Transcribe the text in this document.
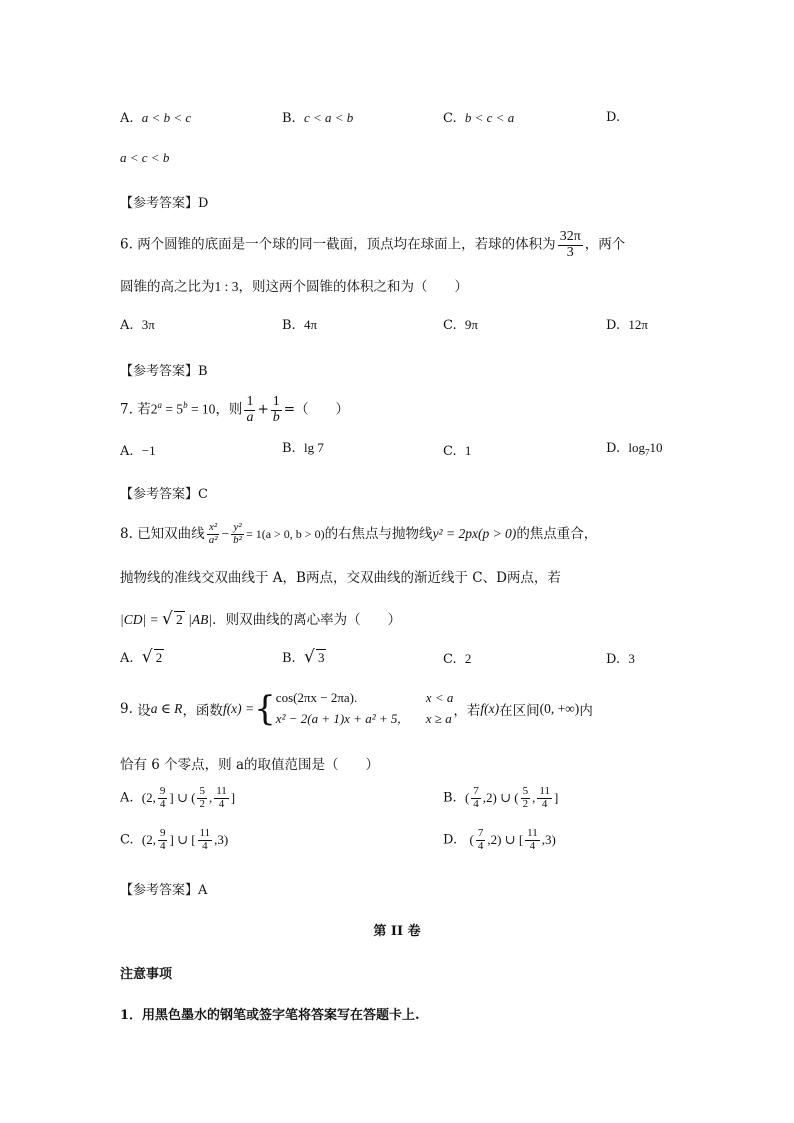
A. a < b < c	B. c < a < b	C. b < c < a	D.
a < c < b
【参考答案】D
6. 两个圆锥的底面是一个球的同一截面，顶点均在球面上，若球的体积为 $\frac{32\pi}{3}$ ，两个
圆锥的高之比为1 : 3，则这两个圆锥的体积之和为（　　）
A. 3π	B. 4π	C. 9π	D. 12π
【参考答案】B
7. 若$2^a = 5^b = 10$，则 $\frac{1}{a} + \frac{1}{b}$ =（　　）
A. −1	B. lg 7	C. 1	D. $\log_710$
【参考答案】C
8. 已知双曲线 $\frac{\text{x²}}{\text{a²}} - \frac{\text{y²}}{\text{b²}} = 1(a > 0$, b > 0)的右焦点与抛物线y² = 2px(p > 0)的焦点重合，
抛物线的准线交双曲线于 A，B两点，交双曲线的渐近线于 C、D两点，若
|CD| = √ 2 |AB|．则双曲线的离心率为（　　）
A. √ 2	B. √ 3	C. 2	D. 3
9. 设a ∈ R，函数f(x) ={ cos(2πx − 2πa).	x < a
x² − 2(a + 1)x + a² + 5, x ≥ a ，若f(x)在区间(0, +∞)内
恰有 6 个零点，则 a的取值范围是（　　）
A. (2, $\frac{9}{4}$ ] ∪ ( $\frac{5}{2}$ , $\frac{11}{4}$ ]	B. ( $\frac{7}{4} ,2$) ∪ ( $\frac{5}{2}$ , $\frac{11}{4}$ ]
C. (2, $\frac{9}{4}$ ] ∪ [ $\frac{11}{4} ,3$)	D. ( $\frac{7}{4} ,2$) ∪ [ $\frac{11}{4} ,3$)
【参考答案】A
第 II 卷
注意事项
1．用黑色墨水的钢笔或签字笔将答案写在答题卡上.
